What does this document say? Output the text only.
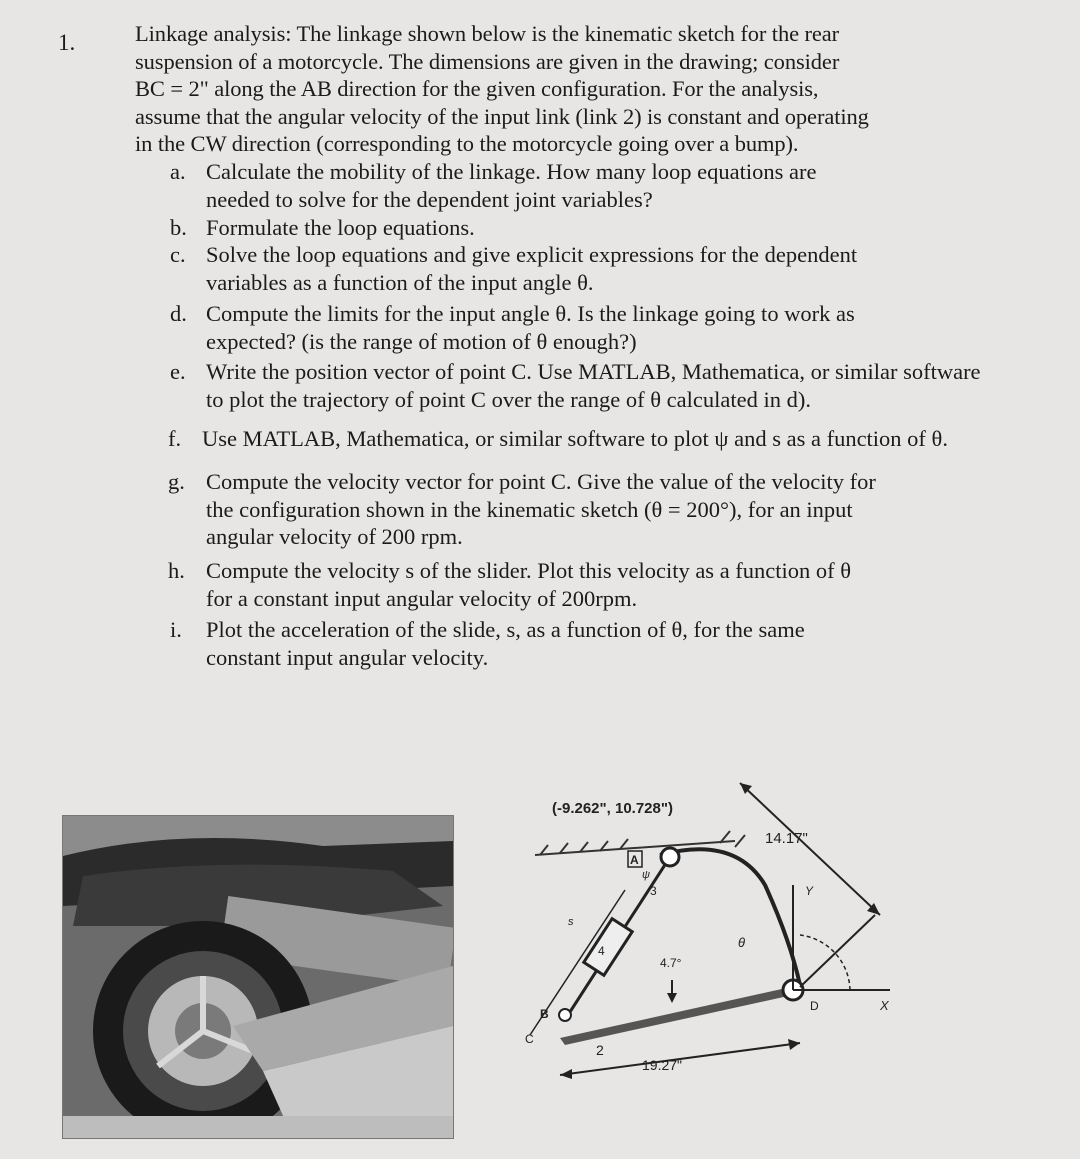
1.	Linkage analysis: The linkage shown below is the kinematic sketch for the rear
suspension of a motorcycle. The dimensions are given in the drawing; consider
BC = 2" along the AB direction for the given configuration. For the analysis,
assume that the angular velocity of the input link (link 2) is constant and operating
in the CW direction (corresponding to the motorcycle going over a bump).
a. Calculate the mobility of the linkage. How many loop equations are
needed to solve for the dependent joint variables?
b. Formulate the loop equations.
c. Solve the loop equations and give explicit expressions for the dependent
variables as a function of the input angle θ.
d. Compute the limits for the input angle θ. Is the linkage going to work as
expected? (is the range of motion of θ enough?)
e. Write the position vector of point C. Use MATLAB, Mathematica, or similar software
to plot the trajectory of point C over the range of θ calculated in d).
f. Use MATLAB, Mathematica, or similar software to plot ψ and s as a function of θ.
g. Compute the velocity vector for point C. Give the value of the velocity for
the configuration shown in the kinematic sketch (θ = 200°), for an input
angular velocity of 200 rpm.
h. Compute the velocity s of the slider. Plot this velocity as a function of θ
for a constant input angular velocity of 200rpm.
i. Plot the acceleration of the slide, s, as a function of θ, for the same
constant input angular velocity.
(-9.262", 10.728")
14.17"
19.27"
4.7°
θ
ψ
s
A
B
C
D	X
Y
2
3
4
